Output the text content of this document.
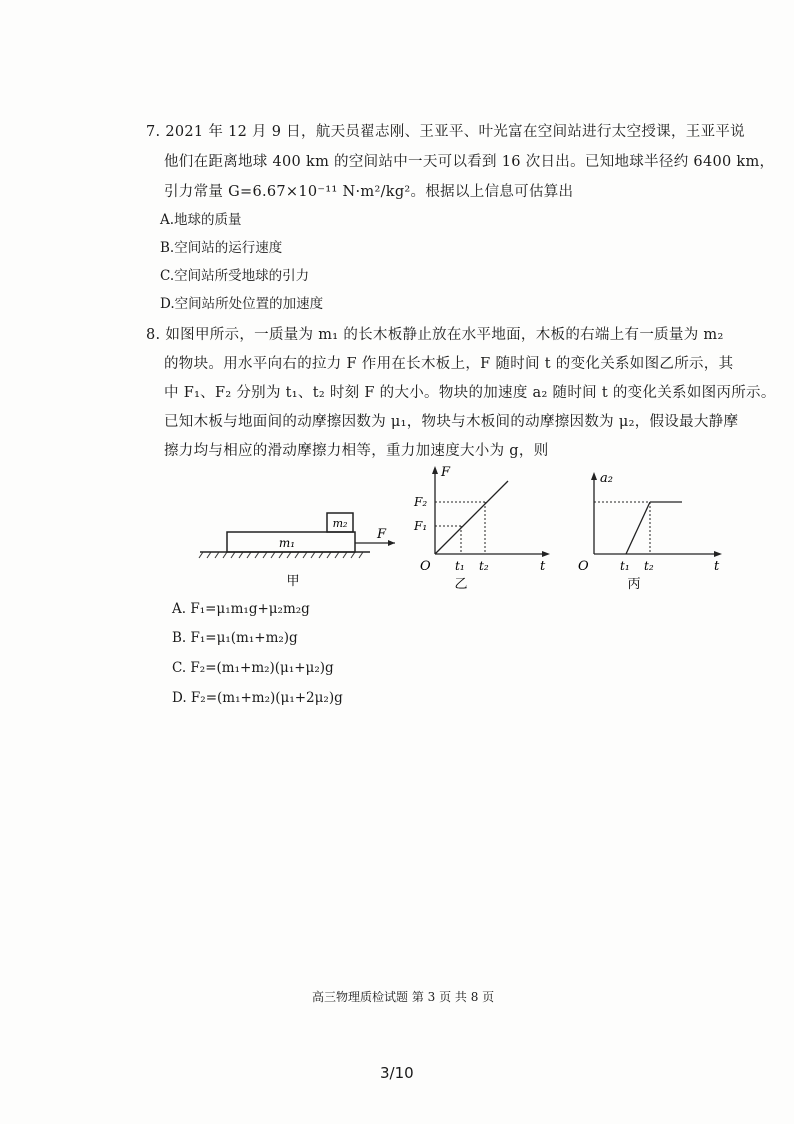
7. 2021 年 12 月 9 日，航天员翟志刚、王亚平、叶光富在空间站进行太空授课，王亚平说
他们在距离地球 400 km 的空间站中一天可以看到 16 次日出。已知地球半径约 6400 km，
引力常量 G=6.67×10⁻¹¹ N·m²/kg²。根据以上信息可估算出
A.地球的质量
B.空间站的运行速度
C.空间站所受地球的引力
D.空间站所处位置的加速度
8. 如图甲所示，一质量为 m₁ 的长木板静止放在水平地面，木板的右端上有一质量为 m₂
的物块。用水平向右的拉力 F 作用在长木板上，F 随时间 t 的变化关系如图乙所示，其
中 F₁、F₂ 分别为 t₁、t₂ 时刻 F 的大小。物块的加速度 a₂ 随时间 t 的变化关系如图丙所示。
已知木板与地面间的动摩擦因数为 μ₁，物块与木板间的动摩擦因数为 μ₂，假设最大静摩
擦力均与相应的滑动摩擦力相等，重力加速度大小为 g，则
m₁
m₂
F
甲
F
t
O
F₁
F₂
t₁ t₂
乙
a₂
t
O	t₁ t₂
丙
A. F₁=μ₁m₁g+μ₂m₂g
B. F₁=μ₁(m₁+m₂)g
C. F₂=(m₁+m₂)(μ₁+μ₂)g
D. F₂=(m₁+m₂)(μ₁+2μ₂)g
高三物理质检试题 第 3 页 共 8 页
3/10
